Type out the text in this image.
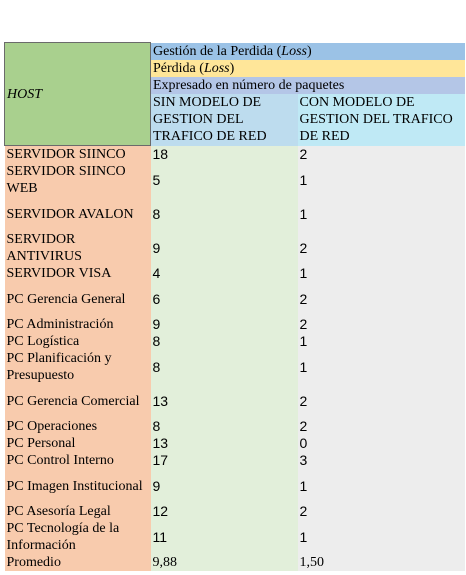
HOST	Gestión de la Perdida (Loss)	
	Pérdida (Loss)	
	Expresado en número de paquetes	
	SIN MODELO DE GESTION DEL TRAFICO DE RED	CON MODELO DE GESTION DEL TRAFICO DE RED
SERVIDOR SIINCO	18	2
SERVIDOR SIINCO WEB	5	1
SERVIDOR AVALON	8	1
SERVIDOR ANTIVIRUS	9	2
SERVIDOR VISA	4	1
PC Gerencia General	6	2
PC Administración	9	2
PC Logística	8	1
PC Planificación y Presupuesto	8	1
PC Gerencia Comercial	13	2
PC Operaciones	8	2
PC Personal	13	0
PC Control Interno	17	3
PC Imagen Institucional	9	1
PC Asesoría Legal	12	2
PC Tecnología de la Información	11	1
Promedio	9,88	1,50
